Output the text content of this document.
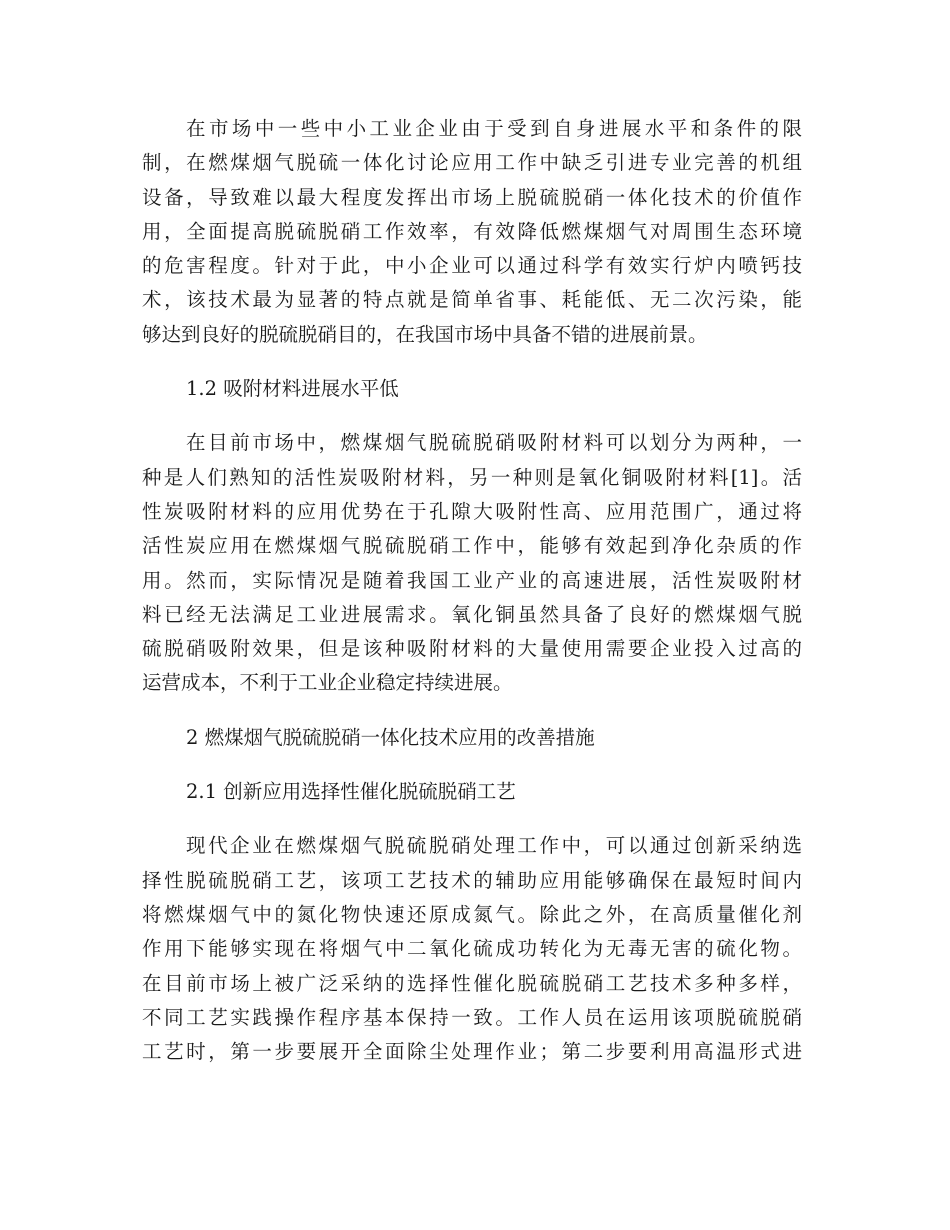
在市场中一些中小工业企业由于受到自身进展水平和条件的限
制，在燃煤烟气脱硫一体化讨论应用工作中缺乏引进专业完善的机组
设备，导致难以最大程度发挥出市场上脱硫脱硝一体化技术的价值作
用，全面提高脱硫脱硝工作效率，有效降低燃煤烟气对周围生态环境
的危害程度。针对于此，中小企业可以通过科学有效实行炉内喷钙技
术，该技术最为显著的特点就是简单省事、耗能低、无二次污染，能
够达到良好的脱硫脱硝目的，在我国市场中具备不错的进展前景。
1.2 吸附材料进展水平低
在目前市场中，燃煤烟气脱硫脱硝吸附材料可以划分为两种，一
种是人们熟知的活性炭吸附材料，另一种则是氧化铜吸附材料[1]。活
性炭吸附材料的应用优势在于孔隙大吸附性高、应用范围广，通过将
活性炭应用在燃煤烟气脱硫脱硝工作中，能够有效起到净化杂质的作
用。然而，实际情况是随着我国工业产业的高速进展，活性炭吸附材
料已经无法满足工业进展需求。氧化铜虽然具备了良好的燃煤烟气脱
硫脱硝吸附效果，但是该种吸附材料的大量使用需要企业投入过高的
运营成本，不利于工业企业稳定持续进展。
2 燃煤烟气脱硫脱硝一体化技术应用的改善措施
2.1 创新应用选择性催化脱硫脱硝工艺
现代企业在燃煤烟气脱硫脱硝处理工作中，可以通过创新采纳选
择性脱硫脱硝工艺，该项工艺技术的辅助应用能够确保在最短时间内
将燃煤烟气中的氮化物快速还原成氮气。除此之外，在高质量催化剂
作用下能够实现在将烟气中二氧化硫成功转化为无毒无害的硫化物。
在目前市场上被广泛采纳的选择性催化脱硫脱硝工艺技术多种多样，
不同工艺实践操作程序基本保持一致。工作人员在运用该项脱硫脱硝
工艺时，第一步要展开全面除尘处理作业；第二步要利用高温形式进
